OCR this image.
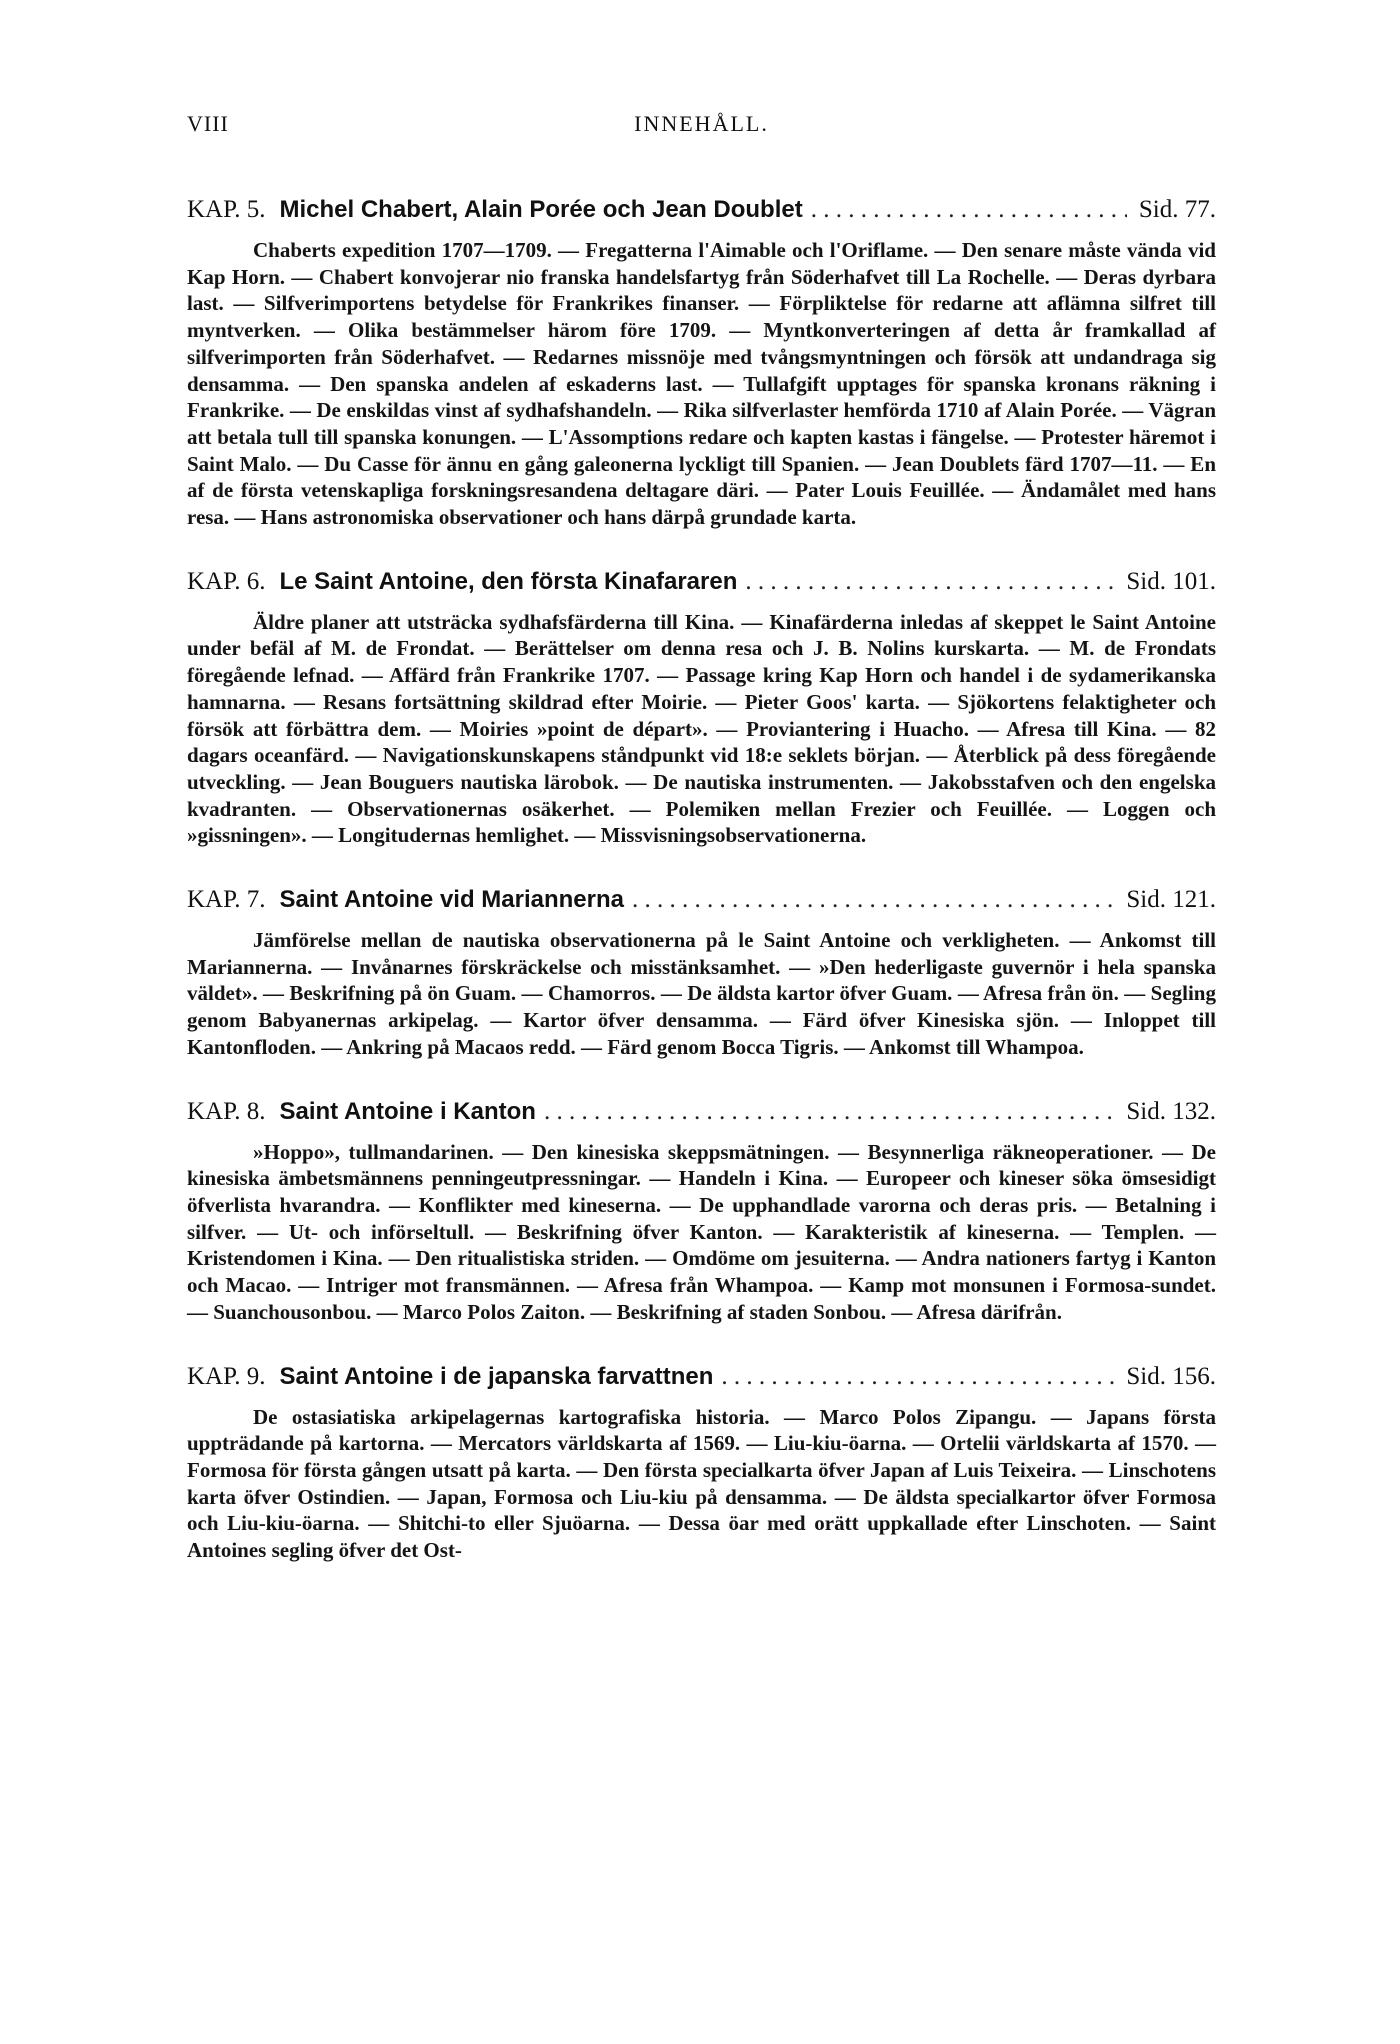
VIII	INNEHÅLL.
KAP. 5. Michel Chabert, Alain Porée och Jean Doublet . . .	Sid. 77.

Chaberts expedition 1707—1709. — Fregatterna l'Aimable och l'Oriflame. — Den senare måste vända vid Kap Horn. — Chabert konvojerar nio franska handelsfartyg från Söderhafvet till La Rochelle. — Deras dyrbara last. — Silfverimportens betydelse för Frankrikes finanser. — Förpliktelse för redarne att aflämna silfret till myntverken. — Olika bestämmelser härom före 1709. — Myntkonverteringen af detta år framkallad af silfverimporten från Söderhafvet. — Redarnes missnöje med tvångsmyntningen och försök att undandraga sig densamma. — Den spanska andelen af eskaderns last. — Tullafgift upptages för spanska kronans räkning i Frankrike. — De enskildas vinst af sydhafshandeln. — Rika silfverlaster hemförda 1710 af Alain Porée. — Vägran att betala tull till spanska konungen. — L'Assomptions redare och kapten kastas i fängelse. — Protester häremot i Saint Malo. — Du Casse för ännu en gång galeonerna lyckligt till Spanien. — Jean Doublets färd 1707—11. — En af de första vetenskapliga forskningsresandena deltagare däri. — Pater Louis Feuillée. — Ändamålet med hans resa. — Hans astronomiska observationer och hans därpå grundade karta.

KAP. 6. Le Saint Antoine, den första Kinafararen . . .	Sid. 101.

Äldre planer att utsträcka sydhafsfärderna till Kina. — Kinafärderna inledas af skeppet le Saint Antoine under befäl af M. de Frondat. — Berättelser om denna resa och J. B. Nolins kurskarta. — M. de Frondats föregående lefnad. — Affärd från Frankrike 1707. — Passage kring Kap Horn och handel i de sydamerikanska hamnarna. — Resans fortsättning skildrad efter Moirie. — Pieter Goos' karta. — Sjökortens felaktigheter och försök att förbättra dem. — Moiries »point de départ». — Proviantering i Huacho. — Afresa till Kina. — 82 dagars oceanfärd. — Navigationskunskapens ståndpunkt vid 18:e seklets början. — Återblick på dess föregående utveckling. — Jean Bouguers nautiska lärobok. — De nautiska instrumenten. — Jakobsstafven och den engelska kvadranten. — Observationernas osäkerhet. — Polemiken mellan Frezier och Feuillée. — Loggen och »gissningen». — Longitudernas hemlighet. — Missvisningsobservationerna.

KAP. 7. Saint Antoine vid Mariannerna . . .	Sid. 121.

Jämförelse mellan de nautiska observationerna på le Saint Antoine och verkligheten. — Ankomst till Mariannerna. — Invånarnes förskräckelse och misstänksamhet. — »Den hederligaste guvernör i hela spanska väldet». — Beskrifning på ön Guam. — Chamorros. — De äldsta kartor öfver Guam. — Afresa från ön. — Segling genom Babyanernas arkipelag. — Kartor öfver densamma. — Färd öfver Kinesiska sjön. — Inloppet till Kantonfloden. — Ankring på Macaos redd. — Färd genom Bocca Tigris. — Ankomst till Whampoa.

KAP. 8. Saint Antoine i Kanton . . .	Sid. 132.

»Hoppo», tullmandarinen. — Den kinesiska skeppsmätningen. — Besynnerliga räkneoperationer. — De kinesiska ämbetsmännens penningeutpressningar. — Handeln i Kina. — Europeer och kineser söka ömsesidigt öfverlista hvarandra. — Konflikter med kineserna. — De upphandlade varorna och deras pris. — Betalning i silfver. — Ut- och införseltull. — Beskrifning öfver Kanton. — Karakteristik af kineserna. — Templen. — Kristendomen i Kina. — Den ritualistiska striden. — Omdöme om jesuiterna. — Andra nationers fartyg i Kanton och Macao. — Intriger mot fransmännen. — Afresa från Whampoa. — Kamp mot monsunen i Formosa-sundet. — Suanchousonbou. — Marco Polos Zaiton. — Beskrifning af staden Sonbou. — Afresa därifrån.

KAP. 9. Saint Antoine i de japanska farvattnen . . .	Sid. 156.

De ostasiatiska arkipelagernas kartografiska historia. — Marco Polos Zipangu. — Japans första uppträdande på kartorna. — Mercators världskarta af 1569. — Liu-kiu-öarna. — Ortelii världskarta af 1570. — Formosa för första gången utsatt på karta. — Den första specialkarta öfver Japan af Luis Teixeira. — Linschotens karta öfver Ostindien. — Japan, Formosa och Liu-kiu på densamma. — De äldsta specialkartor öfver Formosa och Liu-kiu-öarna. — Shitchi-to eller Sjuöarna. — Dessa öar med orätt uppkallade efter Linschoten. — Saint Antoines segling öfver det Ost-
